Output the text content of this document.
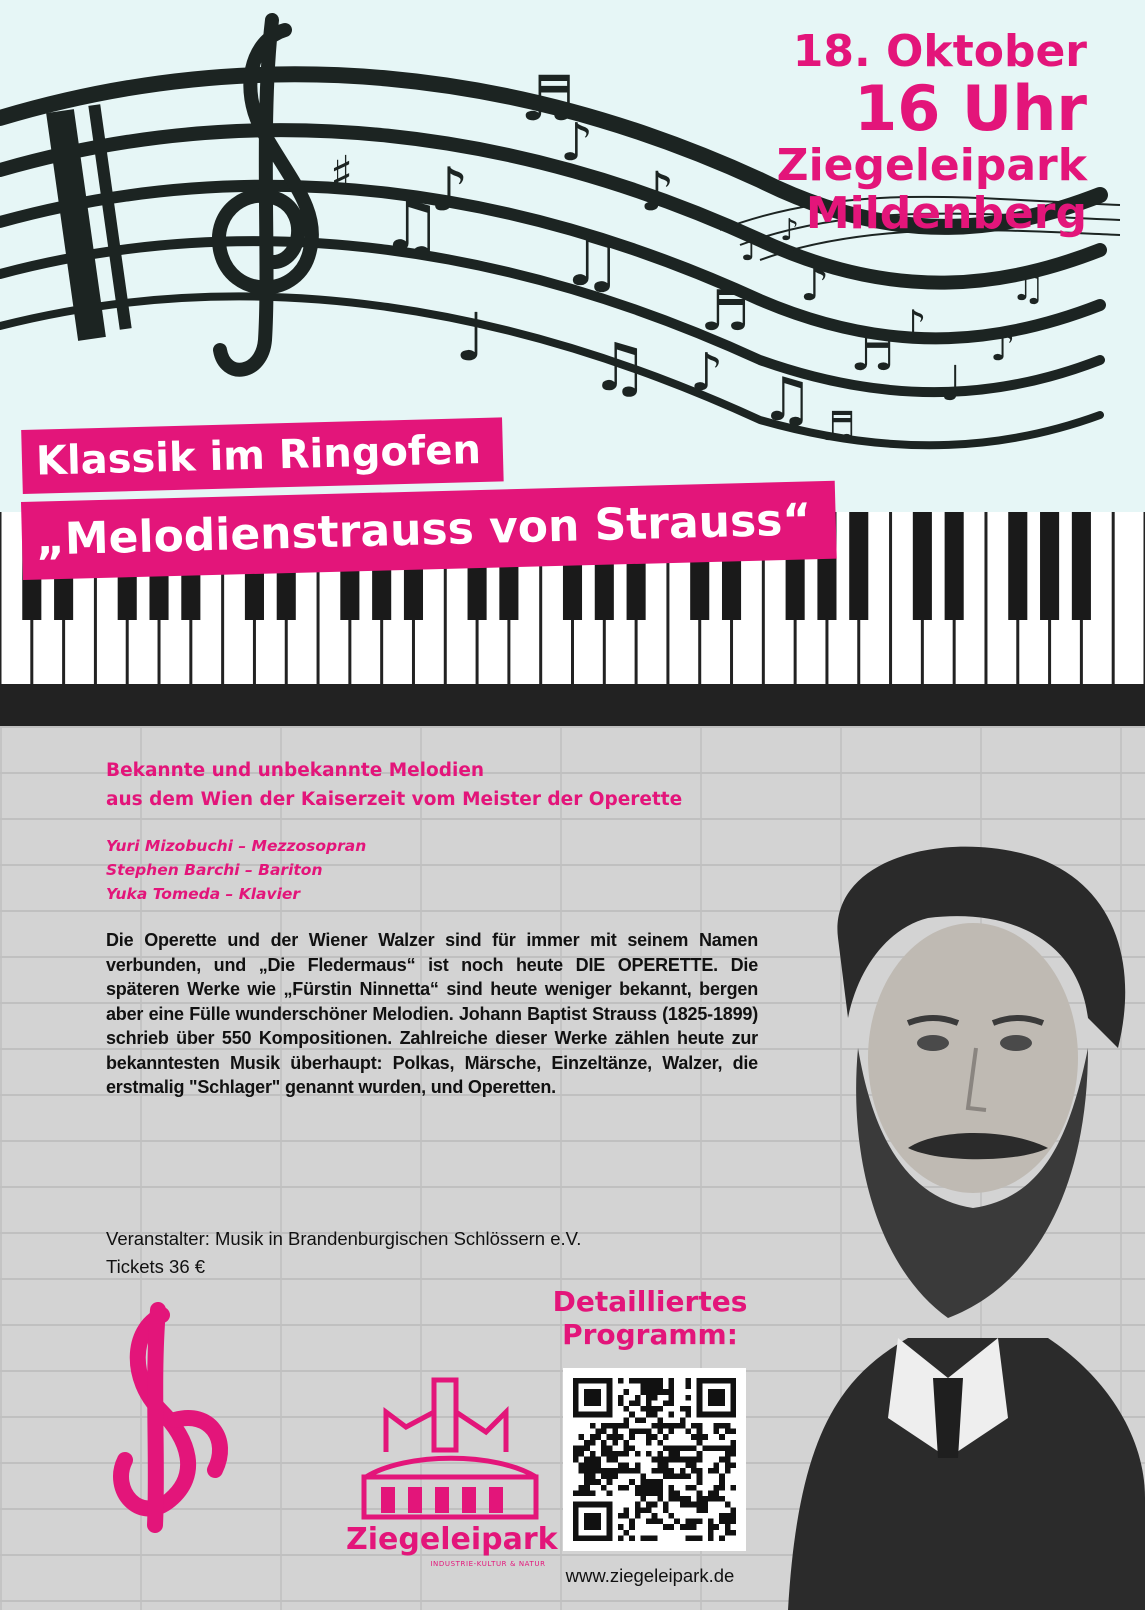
♯
♫
♪
♬
♪
♩
♫
♪
♫ ♪
♬
♫
♪
♬ ♪
♩
♪
♫
♬
♪ ♪
18. Oktober
16 Uhr
Ziegeleipark
Mildenberg
Klassik im Ringofen
„Melodienstrauss von Strauss“

Bekannte und unbekannte Melodien

aus dem Wien der Kaiserzeit vom Meister der Operette

Yuri Mizobuchi – Mezzosopran
Stephen Barchi – Bariton
Yuka Tomeda – Klavier
Die Operette und der Wiener Walzer sind für immer mit seinem Namen verbunden, und „Die Fledermaus“ ist noch heute DIE OPERETTE. Die späteren Werke wie „Fürstin Ninnetta“ sind heute weniger bekannt, bergen aber eine Fülle wunderschöner Melodien. Johann Baptist Strauss (1825-1899) schrieb über 550 Kompositionen. Zahlreiche dieser Werke zählen heute zur bekanntesten Musik überhaupt: Polkas, Märsche, Einzeltänze, Walzer, die erstmalig "Schlager" genannt wurden, und Operetten.
Veranstalter: Musik in Brandenburgischen Schlössern e.V.
Tickets 36 €
Ziegeleipark
INDUSTRIE-KULTUR & NATUR
Detailliertes
Programm:
www.ziegeleipark.de
